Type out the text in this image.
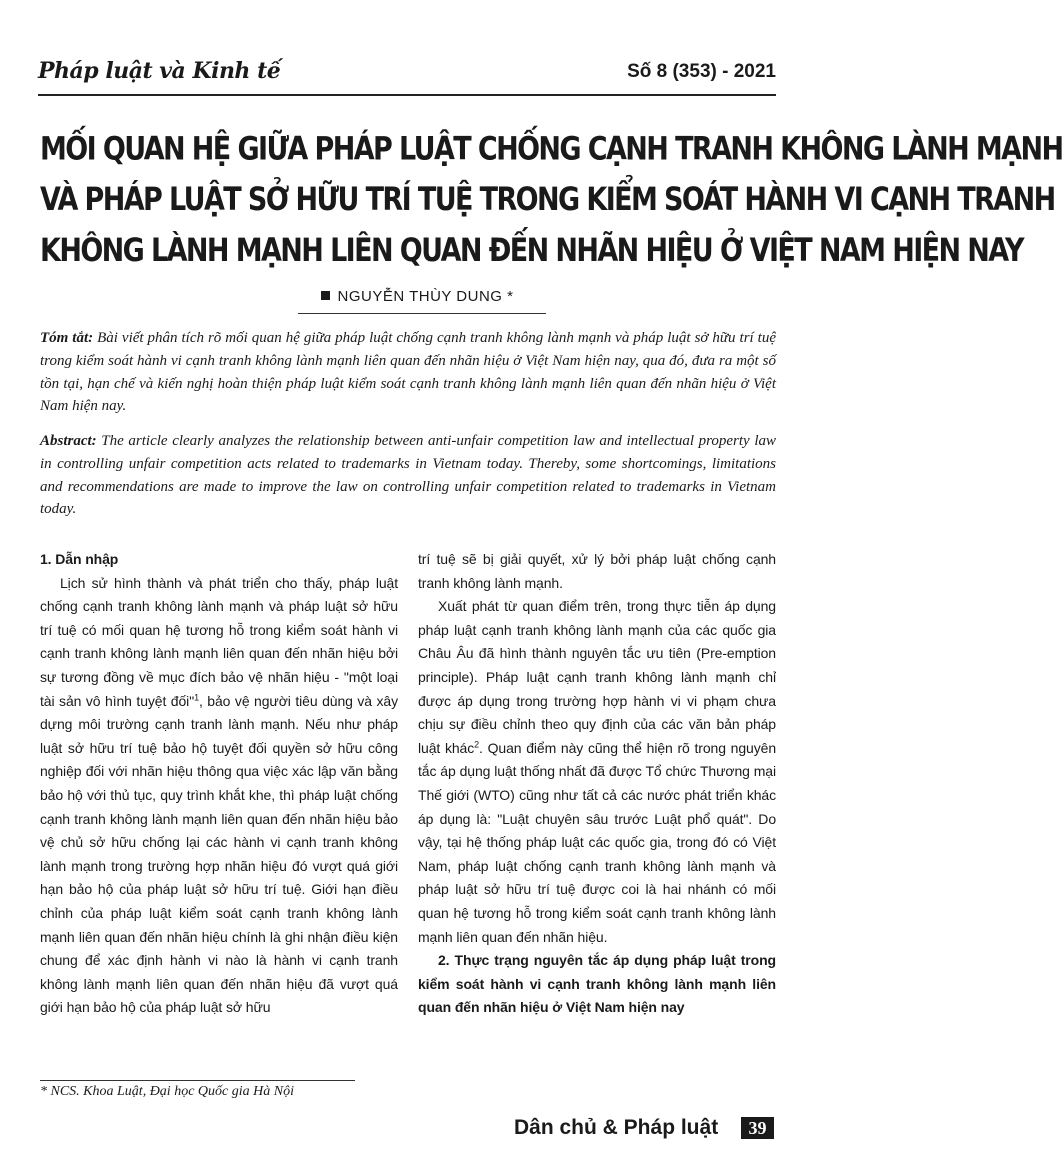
Pháp luật và Kinh tế	Số 8 (353) - 2021
MỐI QUAN HỆ GIỮA PHÁP LUẬT CHỐNG CẠNH TRANH KHÔNG LÀNH MẠNH
VÀ PHÁP LUẬT SỞ HỮU TRÍ TUỆ TRONG KIỂM SOÁT HÀNH VI CẠNH TRANH
KHÔNG LÀNH MẠNH LIÊN QUAN ĐẾN NHÃN HIỆU Ở VIỆT NAM HIỆN NAY
NGUYỄN THÙY DUNG *
Tóm tắt: Bài viết phân tích rõ mối quan hệ giữa pháp luật chống cạnh tranh không lành mạnh và pháp luật sở hữu trí tuệ trong kiểm soát hành vi cạnh tranh không lành mạnh liên quan đến nhãn hiệu ở Việt Nam hiện nay, qua đó, đưa ra một số tồn tại, hạn chế và kiến nghị hoàn thiện pháp luật kiểm soát cạnh tranh không lành mạnh liên quan đến nhãn hiệu ở Việt Nam hiện nay.
Abstract: The article clearly analyzes the relationship between anti-unfair competition law and intellectual property law in controlling unfair competition acts related to trademarks in Vietnam today. Thereby, some shortcomings, limitations and recommendations are made to improve the law on controlling unfair competition related to trademarks in Vietnam today.

1. Dẫn nhập

Lịch sử hình thành và phát triển cho thấy, pháp luật chống cạnh tranh không lành mạnh và pháp luật sở hữu trí tuệ có mối quan hệ tương hỗ trong kiểm soát hành vi cạnh tranh không lành mạnh liên quan đến nhãn hiệu bởi sự tương đồng về mục đích bảo vệ nhãn hiệu - "một loại tài sản vô hình tuyệt đối"$^1$, bảo vệ người tiêu dùng và xây dựng môi trường cạnh tranh lành mạnh. Nếu như pháp luật sở hữu trí tuệ bảo hộ tuyệt đối quyền sở hữu công nghiệp đối với nhãn hiệu thông qua việc xác lập văn bằng bảo hộ với thủ tục, quy trình khắt khe, thì pháp luật chống cạnh tranh không lành mạnh liên quan đến nhãn hiệu bảo vệ chủ sở hữu chống lại các hành vi cạnh tranh không lành mạnh trong trường hợp nhãn hiệu đó vượt quá giới hạn bảo hộ của pháp luật sở hữu trí tuệ. Giới hạn điều chỉnh của pháp luật kiểm soát cạnh tranh không lành mạnh liên quan đến nhãn hiệu chính là ghi nhận điều kiện chung để xác định hành vi nào là hành vi cạnh tranh không lành mạnh liên quan đến nhãn hiệu đã vượt quá giới hạn bảo hộ của pháp luật sở hữu

trí tuệ sẽ bị giải quyết, xử lý bởi pháp luật chống cạnh tranh không lành mạnh.

Xuất phát từ quan điểm trên, trong thực tiễn áp dụng pháp luật cạnh tranh không lành mạnh của các quốc gia Châu Âu đã hình thành nguyên tắc ưu tiên (Pre-emption principle). Pháp luật cạnh tranh không lành mạnh chỉ được áp dụng trong trường hợp hành vi vi phạm chưa chịu sự điều chỉnh theo quy định của các văn bản pháp luật khác$^2$. Quan điểm này cũng thể hiện rõ trong nguyên tắc áp dụng luật thống nhất đã được Tổ chức Thương mại Thế giới (WTO) cũng như tất cả các nước phát triển khác áp dụng là: "Luật chuyên sâu trước Luật phổ quát". Do vậy, tại hệ thống pháp luật các quốc gia, trong đó có Việt Nam, pháp luật chống cạnh tranh không lành mạnh và pháp luật sở hữu trí tuệ được coi là hai nhánh có mối quan hệ tương hỗ trong kiểm soát cạnh tranh không lành mạnh liên quan đến nhãn hiệu.

2. Thực trạng nguyên tắc áp dụng pháp luật trong kiểm soát hành vi cạnh tranh không lành mạnh liên quan đến nhãn hiệu ở Việt Nam hiện nay

* NCS. Khoa Luật, Đại học Quốc gia Hà Nội
Dân chủ & Pháp luật	39
